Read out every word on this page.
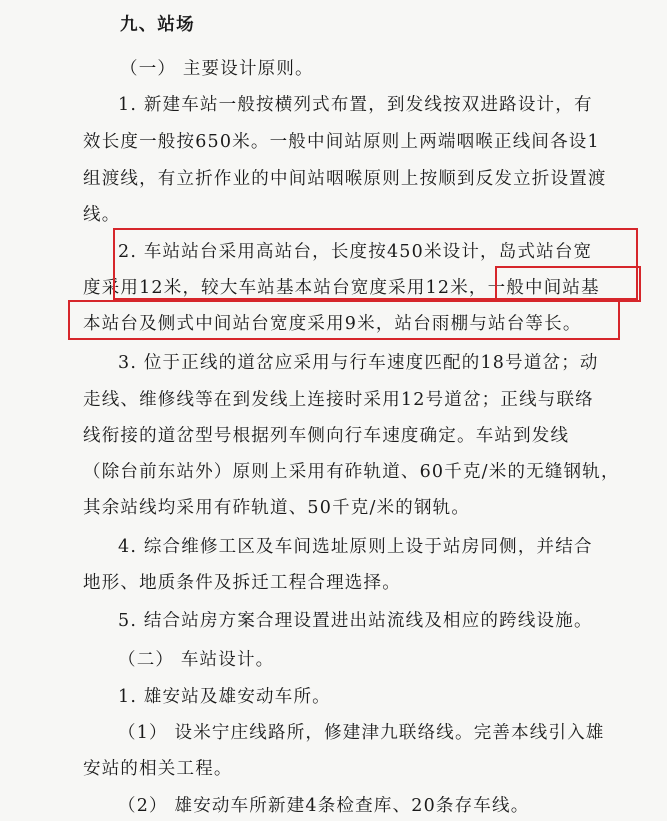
九、站场
（一） 主要设计原则。
1. 新建车站一般按横列式布置，到发线按双进路设计，有
效长度一般按650米。一般中间站原则上两端咽喉正线间各设1
组渡线，有立折作业的中间站咽喉原则上按顺到反发立折设置渡
线。
2. 车站站台采用高站台，长度按450米设计，岛式站台宽
度采用12米，较大车站基本站台宽度采用12米，一般中间站基
本站台及侧式中间站台宽度采用9米，站台雨棚与站台等长。
3. 位于正线的道岔应采用与行车速度匹配的18号道岔；动
走线、维修线等在到发线上连接时采用12号道岔；正线与联络
线衔接的道岔型号根据列车侧向行车速度确定。车站到发线
（除台前东站外）原则上采用有砟轨道、60千克/米的无缝钢轨，
其余站线均采用有砟轨道、50千克/米的钢轨。
4. 综合维修工区及车间选址原则上设于站房同侧，并结合
地形、地质条件及拆迁工程合理选择。
5. 结合站房方案合理设置进出站流线及相应的跨线设施。
（二） 车站设计。
1. 雄安站及雄安动车所。
（1） 设米宁庄线路所，修建津九联络线。完善本线引入雄
安站的相关工程。
（2） 雄安动车所新建4条检查库、20条存车线。
